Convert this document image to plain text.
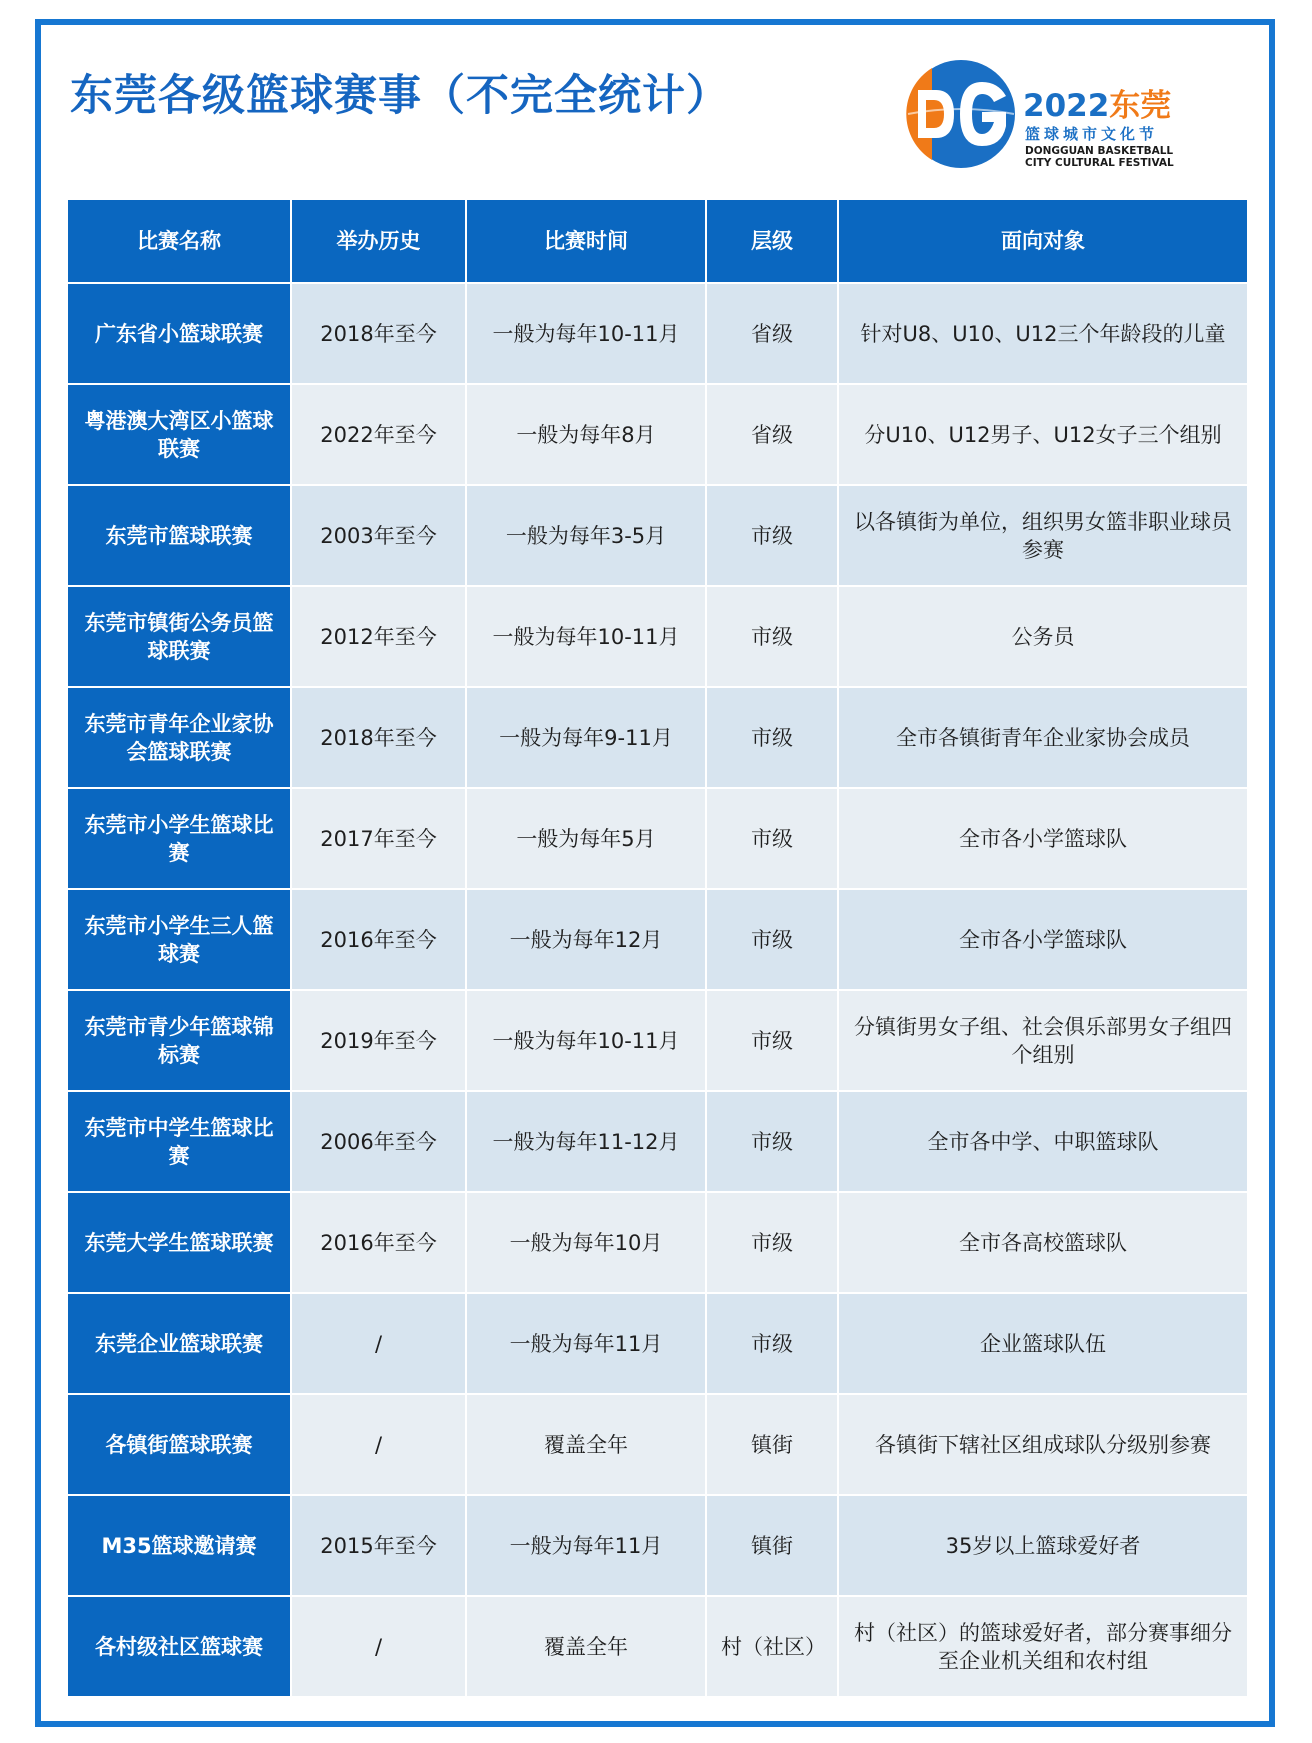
东莞各级篮球赛事（不完全统计）	2022东莞
篮球城市文化节
DONGGUAN BASKETBALL
CITY CULTURAL FESTIVAL
比赛名称	举办历史	比赛时间	层级	面向对象
广东省小篮球联赛	2018年至今	一般为每年10-11月	省级	针对U8、U10、U12三个年龄段的儿童
粤港澳大湾区小篮球联赛	2022年至今	一般为每年8月	省级	分U10、U12男子、U12女子三个组别
东莞市篮球联赛	2003年至今	一般为每年3-5月	市级	以各镇街为单位，组织男女篮非职业球员参赛
东莞市镇街公务员篮球联赛	2012年至今	一般为每年10-11月	市级	公务员
东莞市青年企业家协会篮球联赛	2018年至今	一般为每年9-11月	市级	全市各镇街青年企业家协会成员
东莞市小学生篮球比赛	2017年至今	一般为每年5月	市级	全市各小学篮球队
东莞市小学生三人篮球赛	2016年至今	一般为每年12月	市级	全市各小学篮球队
东莞市青少年篮球锦标赛	2019年至今	一般为每年10-11月	市级	分镇街男女子组、社会俱乐部男女子组四个组别
东莞市中学生篮球比赛	2006年至今	一般为每年11-12月	市级	全市各中学、中职篮球队
东莞大学生篮球联赛	2016年至今	一般为每年10月	市级	全市各高校篮球队
东莞企业篮球联赛	/	一般为每年11月	市级	企业篮球队伍
各镇街篮球联赛	/	覆盖全年	镇街	各镇街下辖社区组成球队分级别参赛
M35篮球邀请赛	2015年至今	一般为每年11月	镇街	35岁以上篮球爱好者
各村级社区篮球赛	/	覆盖全年	村（社区）	村（社区）的篮球爱好者，部分赛事细分至企业机关组和农村组
